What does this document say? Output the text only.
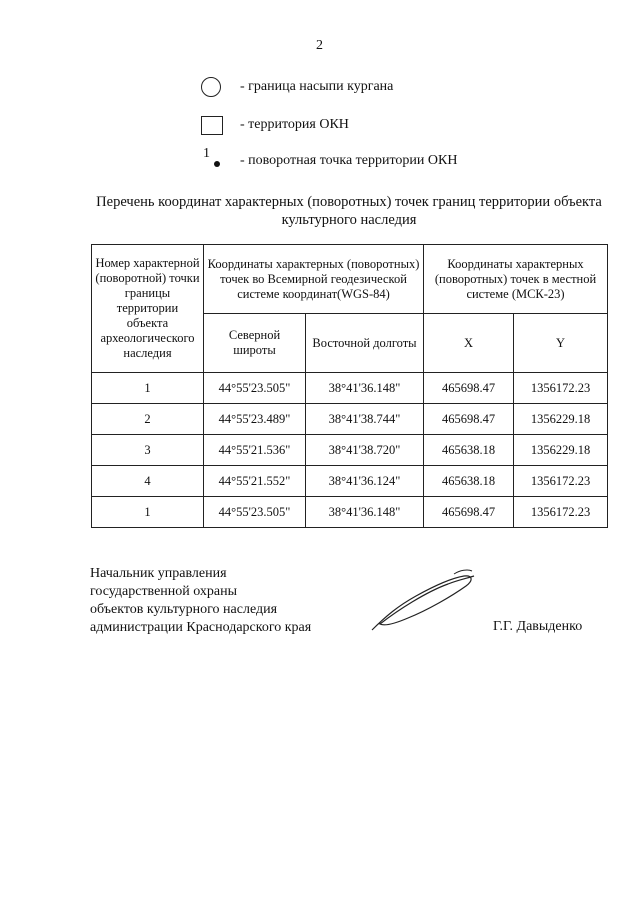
2
- граница насыпи кургана
- территория ОКН
1 - поворотная точка территории ОКН
Перечень координат характерных (поворотных) точек границ территории объекта культурного наследия
Номер характерной (поворотной) точки границы территории объекта археологического наследия	Координаты характерных (поворотных) точек во Всемирной геодезической системе координат(WGS-84)		Координаты характерных (поворотных) точек в местной системе (МСК-23)	
	Северной широты	Восточной долготы	X	Y
1	44°55'23.505"	38°41'36.148"	465698.47	1356172.23
2	44°55'23.489"	38°41'38.744"	465698.47	1356229.18
3	44°55'21.536"	38°41'38.720"	465638.18	1356229.18
4	44°55'21.552"	38°41'36.124"	465638.18	1356172.23
1	44°55'23.505"	38°41'36.148"	465698.47	1356172.23
Начальник управления
государственной охраны
объектов культурного наследия
администрации Краснодарского края	Г.Г. Давыденко
